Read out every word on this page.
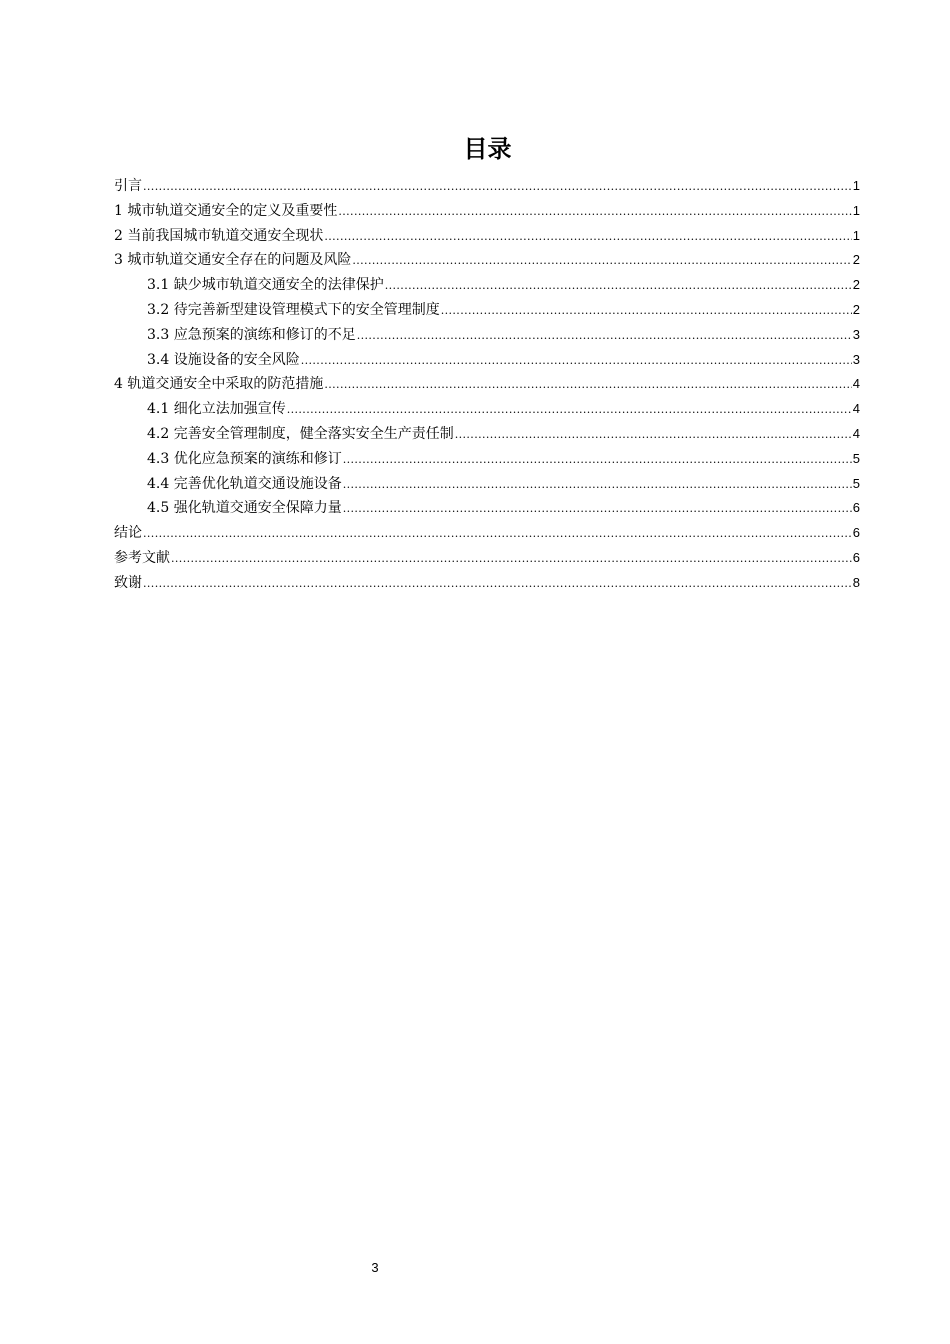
目录
引言 .....	1
1 城市轨道交通安全的定义及重要性 .....	1
2 当前我国城市轨道交通安全现状 .....	1
3 城市轨道交通安全存在的问题及风险 .....	2
3.1 缺少城市轨道交通安全的法律保护 .....	2
3.2 待完善新型建设管理模式下的安全管理制度 .....	2
3.3 应急预案的演练和修订的不足 .....	3
3.4 设施设备的安全风险 .....	3
4 轨道交通安全中采取的防范措施 .....	4
4.1 细化立法加强宣传 .....	4
4.2 完善安全管理制度，健全落实安全生产责任制 .....	4
4.3 优化应急预案的演练和修订 .....	5
4.4 完善优化轨道交通设施设备 .....	5
4.5 强化轨道交通安全保障力量 .....	6
结论 .....	6
参考文献 .....	6
致谢 .....	8
3
